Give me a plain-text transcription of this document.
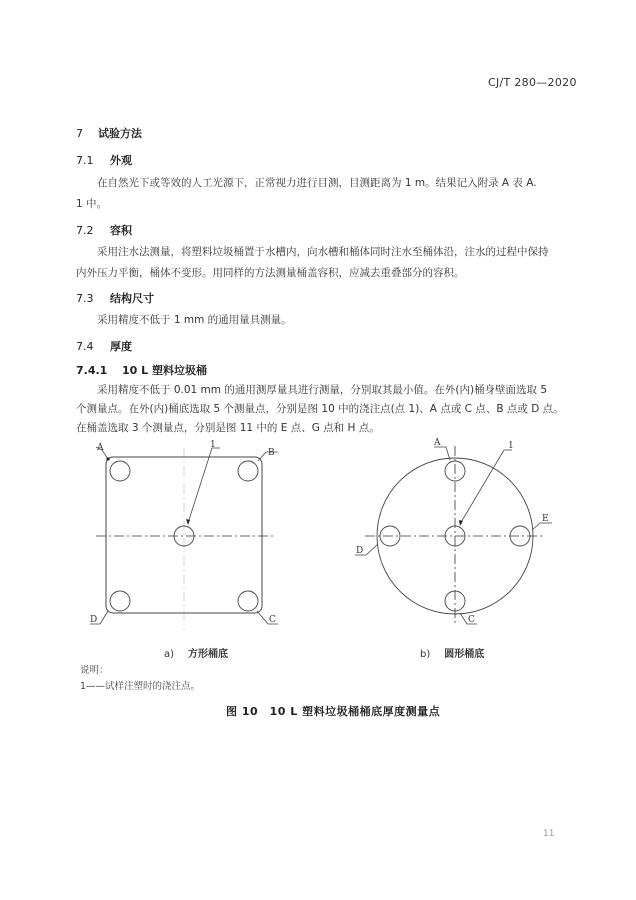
CJ/T 280—2020
7 试验方法
7.1 外观
在自然光下或等效的人工光源下，正常视力进行目测，目测距离为 1 m。结果记入附录 A 表 A.
1 中。
7.2 容积
采用注水法测量，将塑料垃圾桶置于水槽内，向水槽和桶体同时注水至桶体沿，注水的过程中保持
内外压力平衡，桶体不变形。用同样的方法测量桶盖容积，应减去重叠部分的容积。
7.3 结构尺寸
采用精度不低于 1 mm 的通用量具测量。
7.4 厚度
7.4.1 10 L 塑料垃圾桶
采用精度不低于 0.01 mm 的通用测厚量具进行测量，分别取其最小值。在外(内)桶身壁面选取 5
个测量点。在外(内)桶底选取 5 个测量点，分别是图 10 中的浇注点(点 1)、A 点或 C 点、B 点或 D 点。
在桶盖选取 3 个测量点，分别是图 11 中的 E 点、G 点和 H 点。
A	B
1
D	C
A	1
E
D
C
a) 方形桶底	b) 圆形桶底
说明：
1——试样注塑时的浇注点。
图 10　10 L 塑料垃圾桶桶底厚度测量点
11
